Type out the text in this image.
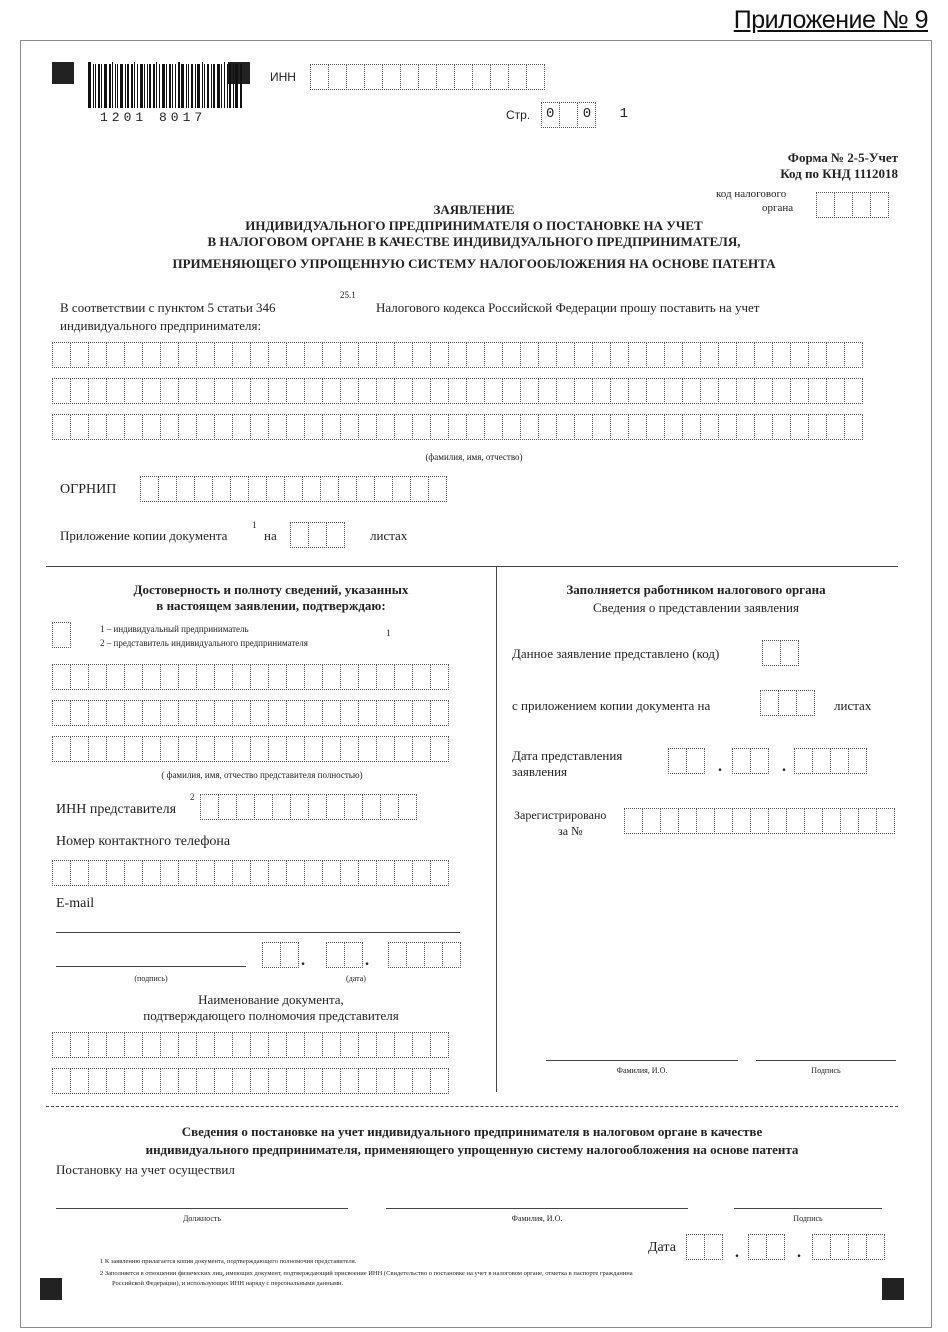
Приложение № 9
1201 8017
ИНН
Стр. 0 0 1
Форма № 2-5-Учет
Код по КНД 1112018
код налогового
органа
ЗАЯВЛЕНИЕ
ИНДИВИДУАЛЬНОГО ПРЕДПРИНИМАТЕЛЯ О ПОСТАНОВКЕ НА УЧЕТ
В НАЛОГОВОМ ОРГАНЕ В КАЧЕСТВЕ ИНДИВИДУАЛЬНОГО ПРЕДПРИНИМАТЕЛЯ,
ПРИМЕНЯЮЩЕГО УПРОЩЕННУЮ СИСТЕМУ НАЛОГООБЛОЖЕНИЯ НА ОСНОВЕ ПАТЕНТА
В соответствии с пунктом 5 статьи 346
25.1
Налогового кодекса Российской Федерации прошу поставить на учет
индивидуального предпринимателя:
(фамилия, имя, отчество)
ОГРНИП
Приложение копии документа
1
на	листах
Достоверность и полноту сведений, указанных
в настоящем заявлении, подтверждаю:
1 – индивидуальный предприниматель
2 – представитель индивидуального предпринимателя
1
( фамилия, имя, отчество представителя полностью)
ИНН представителя
2
Номер контактного телефона
E-mail
(подпись)
.	.
(дата)
Наименование документа,
подтверждающего полномочия представителя
Заполняется работником налогового органа
Сведения о представлении заявления
Данное заявление представлено (код)
с приложением копии документа на	листах
Дата представления
заявления	.	.
Зарегистрировано
за №
Фамилия, И.О.	Подпись
Сведения о постановке на учет индивидуального предпринимателя в налоговом органе в качестве
индивидуального предпринимателя, применяющего упрощенную систему налогообложения на основе патента
Постановку на учет осуществил
Должность	Фамилия, И.О.	Подпись
Дата	.	.
1 К заявлению прилагается копия документа, подтверждающего полномочия представителя.
2 Заполняется в отношении физических лиц, имеющих документ, подтверждающий присвоение ИНН (Свидетельство о постановке на учет в налоговом органе, отметка в паспорте гражданина
Российской Федерации), и использующих ИНН наряду с персональными данными.
